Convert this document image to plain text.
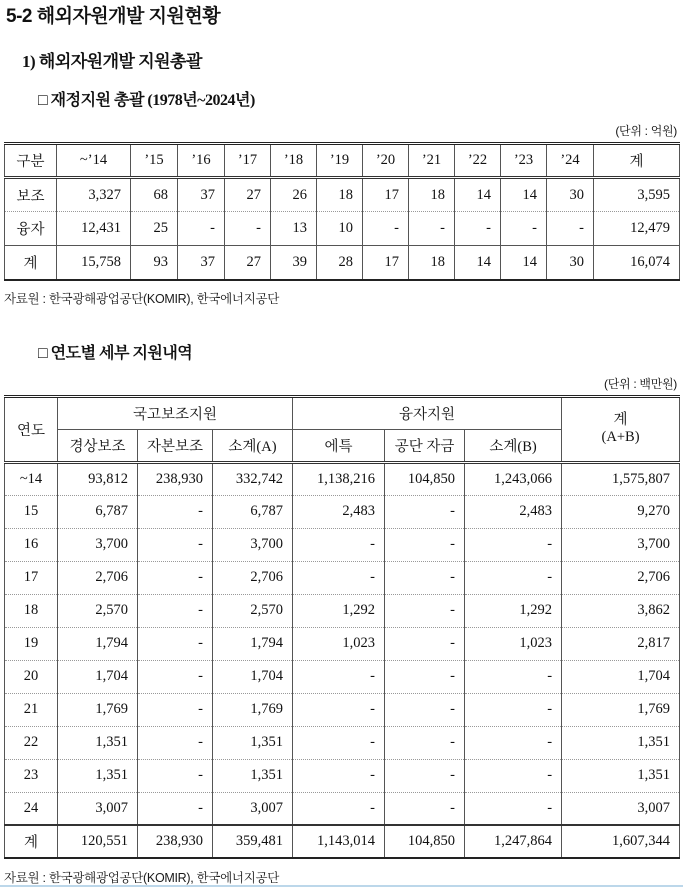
5-2 해외자원개발 지원현황
1) 해외자원개발 지원총괄
□ 재정지원 총괄 (1978년~2024년)
(단위 : 억원)
구분	~’14	’15	’16	’17	’18	’19	’20	’21	’22	’23	’24	계
보조	3,327	68	37	27	26	18	17	18	14	14	30	3,595
융자	12,431	25	-	-	13	10	-	-	-	-	-	12,479
계	15,758	93	37	27	39	28	17	18	14	14	30	16,074
자료원 : 한국광해광업공단(KOMIR), 한국에너지공단
□ 연도별 세부 지원내역
(단위 : 백만원)
연도	국고보조지원			융자지원			계
(A+B)

	경상보조	자본보조	소계(A)	에특	공단 자금	소계(B)	
~14	93,812	238,930	332,742	1,138,216	104,850	1,243,066	1,575,807
15	6,787	-	6,787	2,483	-	2,483	9,270
16	3,700	-	3,700	-	-	-	3,700
17	2,706	-	2,706	-	-	-	2,706
18	2,570	-	2,570	1,292	-	1,292	3,862
19	1,794	-	1,794	1,023	-	1,023	2,817
20	1,704	-	1,704	-	-	-	1,704
21	1,769	-	1,769	-	-	-	1,769
22	1,351	-	1,351	-	-	-	1,351
23	1,351	-	1,351	-	-	-	1,351
24	3,007	-	3,007	-	-	-	3,007
계	120,551	238,930	359,481	1,143,014	104,850	1,247,864	1,607,344
자료원 : 한국광해광업공단(KOMIR), 한국에너지공단
